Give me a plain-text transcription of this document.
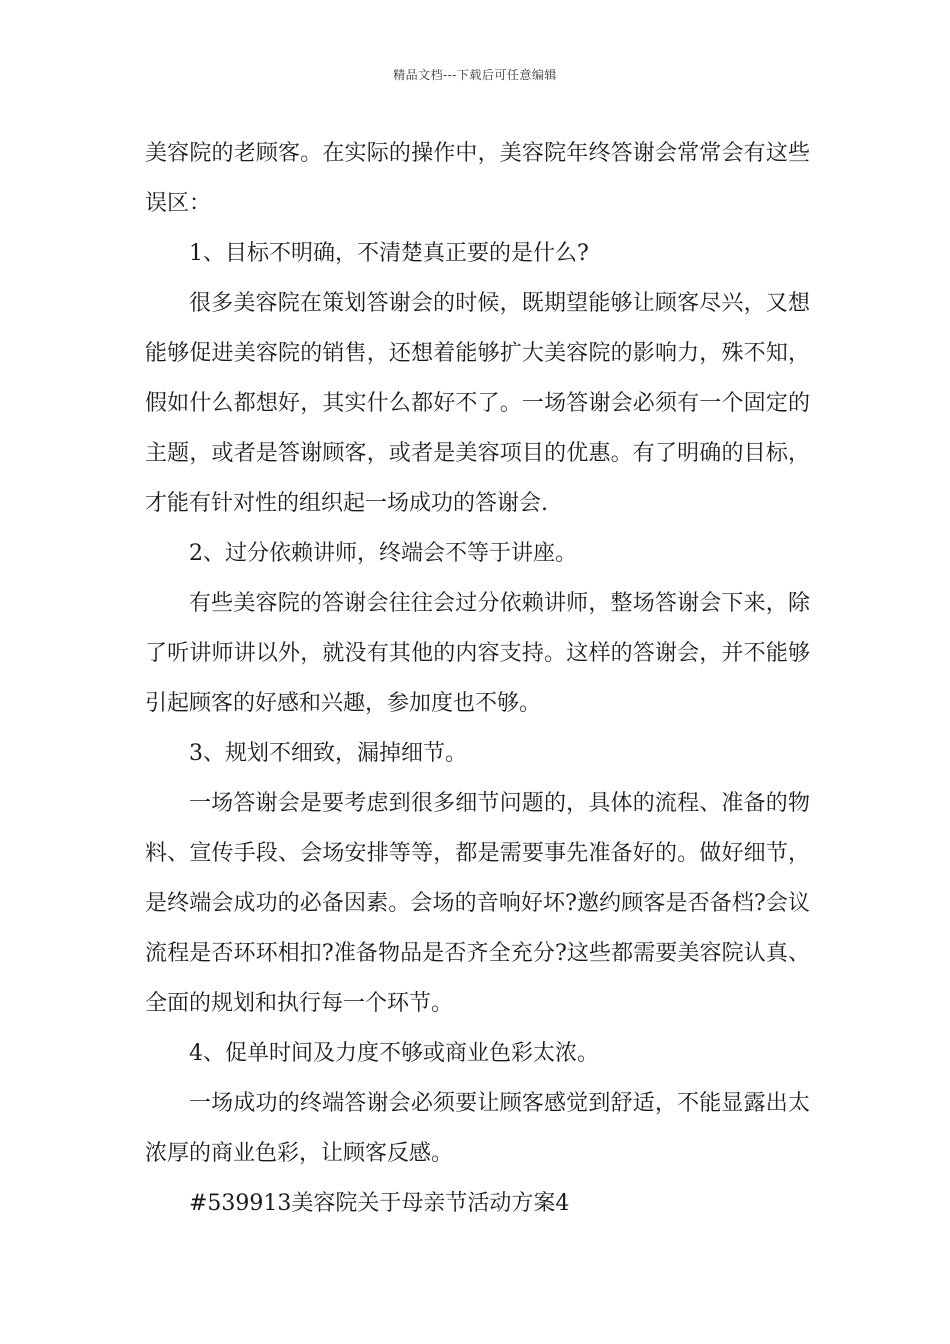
精品文档---下载后可任意编辑

美容院的老顾客。在实际的操作中，美容院年终答谢会常常会有这些误区：

1、目标不明确，不清楚真正要的是什么?

很多美容院在策划答谢会的时候，既期望能够让顾客尽兴，又想能够促进美容院的销售，还想着能够扩大美容院的影响力，殊不知，假如什么都想好，其实什么都好不了。一场答谢会必须有一个固定的主题，或者是答谢顾客，或者是美容项目的优惠。有了明确的目标，才能有针对性的组织起一场成功的答谢会.

2、过分依赖讲师，终端会不等于讲座。

有些美容院的答谢会往往会过分依赖讲师，整场答谢会下来，除了听讲师讲以外，就没有其他的内容支持。这样的答谢会，并不能够引起顾客的好感和兴趣，参加度也不够。

3、规划不细致，漏掉细节。

一场答谢会是要考虑到很多细节问题的，具体的流程、准备的物料、宣传手段、会场安排等等，都是需要事先准备好的。做好细节，是终端会成功的必备因素。会场的音响好坏?邀约顾客是否备档?会议流程是否环环相扣?准备物品是否齐全充分?这些都需要美容院认真、全面的规划和执行每一个环节。

4、促单时间及力度不够或商业色彩太浓。

一场成功的终端答谢会必须要让顾客感觉到舒适，不能显露出太浓厚的商业色彩，让顾客反感。

#539913美容院关于母亲节活动方案4
